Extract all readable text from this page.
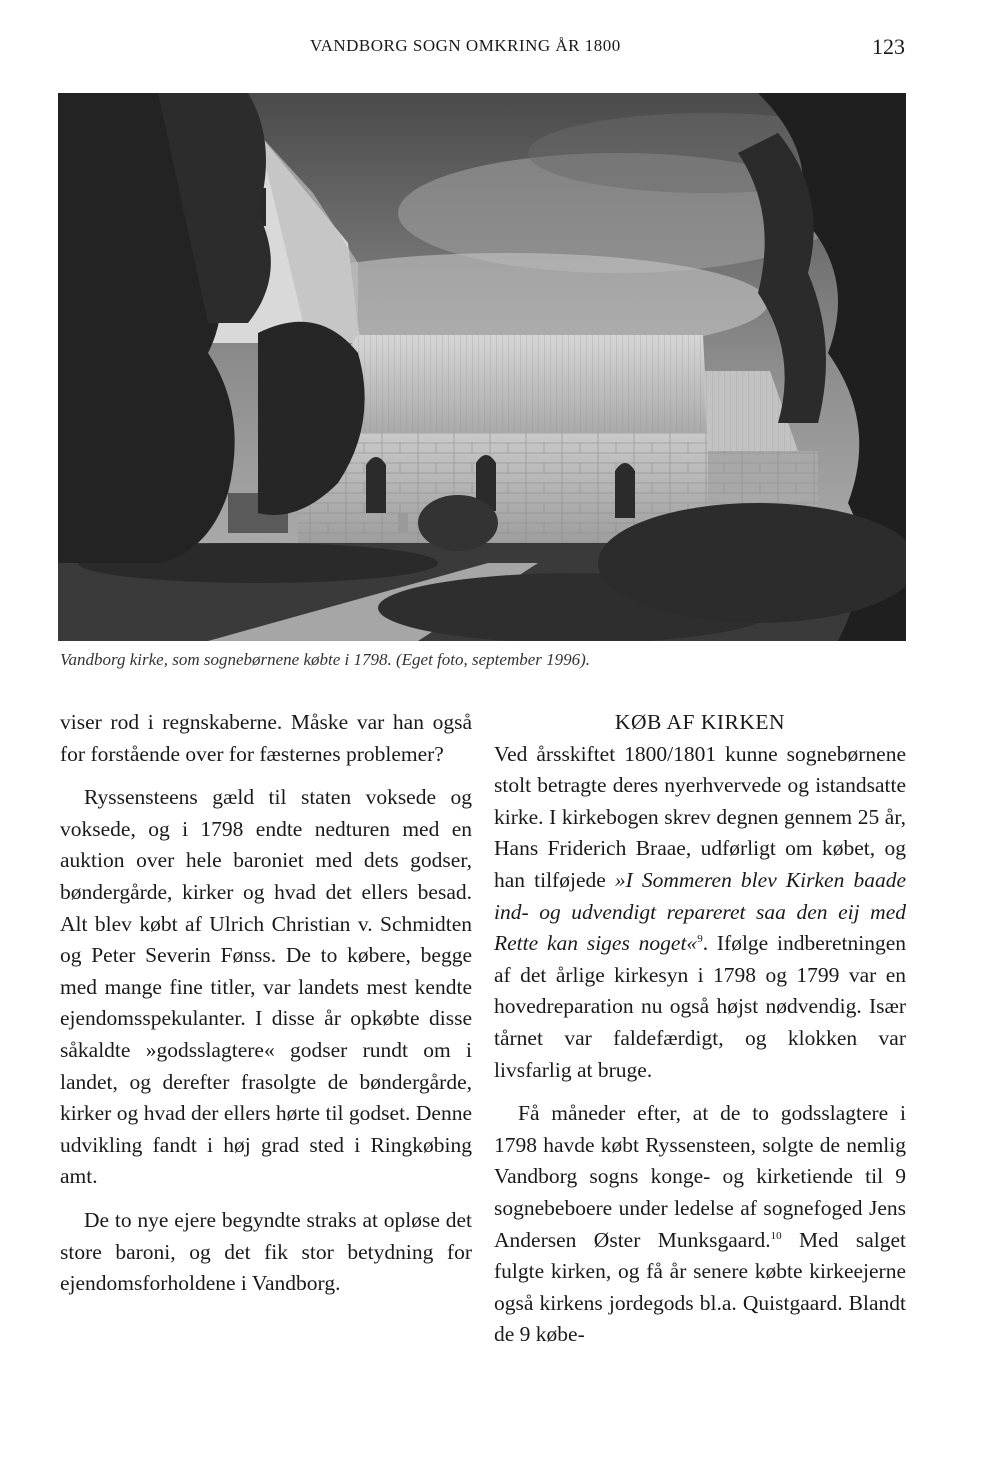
VANDBORG SOGN OMKRING ÅR 1800	123
Vandborg kirke, som sognebørnene købte i 1798. (Eget foto, september 1996).

viser rod i regnskaberne. Måske var han også for forstående over for fæsternes problemer?

Ryssensteens gæld til staten voksede og voksede, og i 1798 endte nedturen med en auktion over hele baroniet med dets godser, bøndergårde, kirker og hvad det ellers besad. Alt blev købt af Ulrich Christian v. Schmidten og Peter Severin Fønss. De to købere, begge med mange fine titler, var landets mest kendte ejendomsspekulanter. I disse år opkøbte disse såkaldte »godsslagtere« godser rundt om i landet, og derefter frasolgte de bøndergårde, kirker og hvad der ellers hørte til godset. Denne udvikling fandt i høj grad sted i Ringkøbing amt.

De to nye ejere begyndte straks at opløse det store baroni, og det fik stor betydning for ejendomsforholdene i Vandborg.

KØB AF KIRKEN

Ved årsskiftet 1800/1801 kunne sognebørnene stolt betragte deres nyerhvervede og istandsatte kirke. I kirkebogen skrev degnen gennem 25 år, Hans Friderich Braae, udførligt om købet, og han tilføjede »I Sommeren blev Kirken baade ind- og udvendigt repareret saa den eij med Rette kan siges noget«$^9$. Ifølge indberetningen af det årlige kirkesyn i 1798 og 1799 var en hovedreparation nu også højst nødvendig. Især tårnet var faldefærdigt, og klokken var livsfarlig at bruge.

Få måneder efter, at de to godsslagtere i 1798 havde købt Ryssensteen, solgte de nemlig Vandborg sogns konge- og kirketiende til 9 sognebeboere under ledelse af sognefoged Jens Andersen Øster Munksgaard.$^{10}$ Med salget fulgte kirken, og få år senere købte kirkeejerne også kirkens jordegods bl.a. Quistgaard. Blandt de 9 købe-
